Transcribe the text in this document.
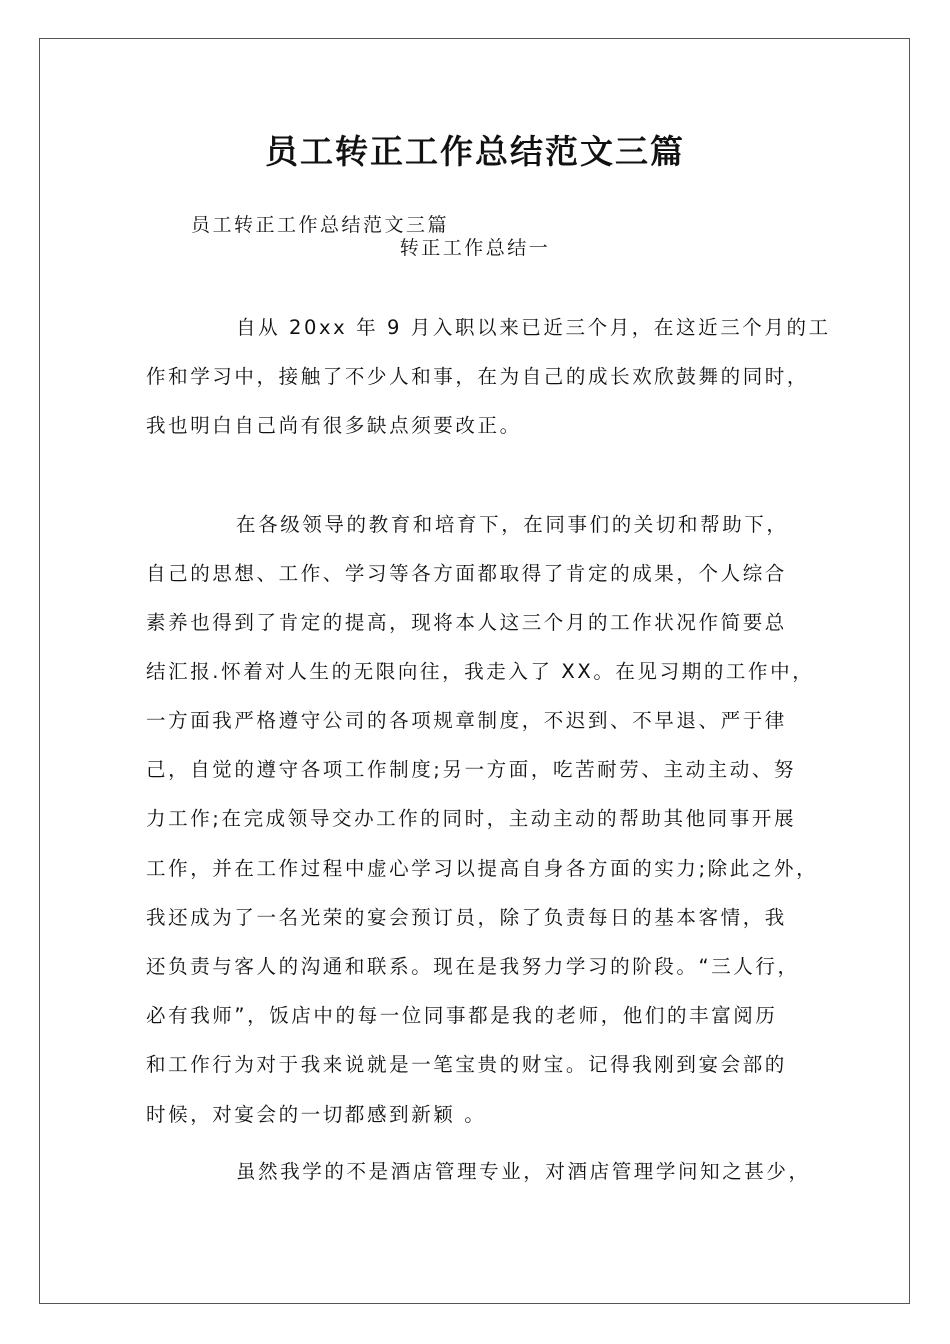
员工转正工作总结范文三篇
员工转正工作总结范文三篇
转正工作总结一
自从 20xx 年 9 月入职以来已近三个月，在这近三个月的工
作和学习中，接触了不少人和事，在为自己的成长欢欣鼓舞的同时，
我也明白自己尚有很多缺点须要改正。
在各级领导的教育和培育下，在同事们的关切和帮助下，
自己的思想、工作、学习等各方面都取得了肯定的成果，个人综合
素养也得到了肯定的提高，现将本人这三个月的工作状况作简要总
结汇报.怀着对人生的无限向往，我走入了 XX。在见习期的工作中，
一方面我严格遵守公司的各项规章制度，不迟到、不早退、严于律
己，自觉的遵守各项工作制度;另一方面，吃苦耐劳、主动主动、努
力工作;在完成领导交办工作的同时，主动主动的帮助其他同事开展
工作，并在工作过程中虚心学习以提高自身各方面的实力;除此之外，
我还成为了一名光荣的宴会预订员，除了负责每日的基本客情，我
还负责与客人的沟通和联系。现在是我努力学习的阶段。“三人行，
必有我师”，饭店中的每一位同事都是我的老师，他们的丰富阅历
和工作行为对于我来说就是一笔宝贵的财宝。记得我刚到宴会部的
时候，对宴会的一切都感到新颖 。
虽然我学的不是酒店管理专业，对酒店管理学问知之甚少，
